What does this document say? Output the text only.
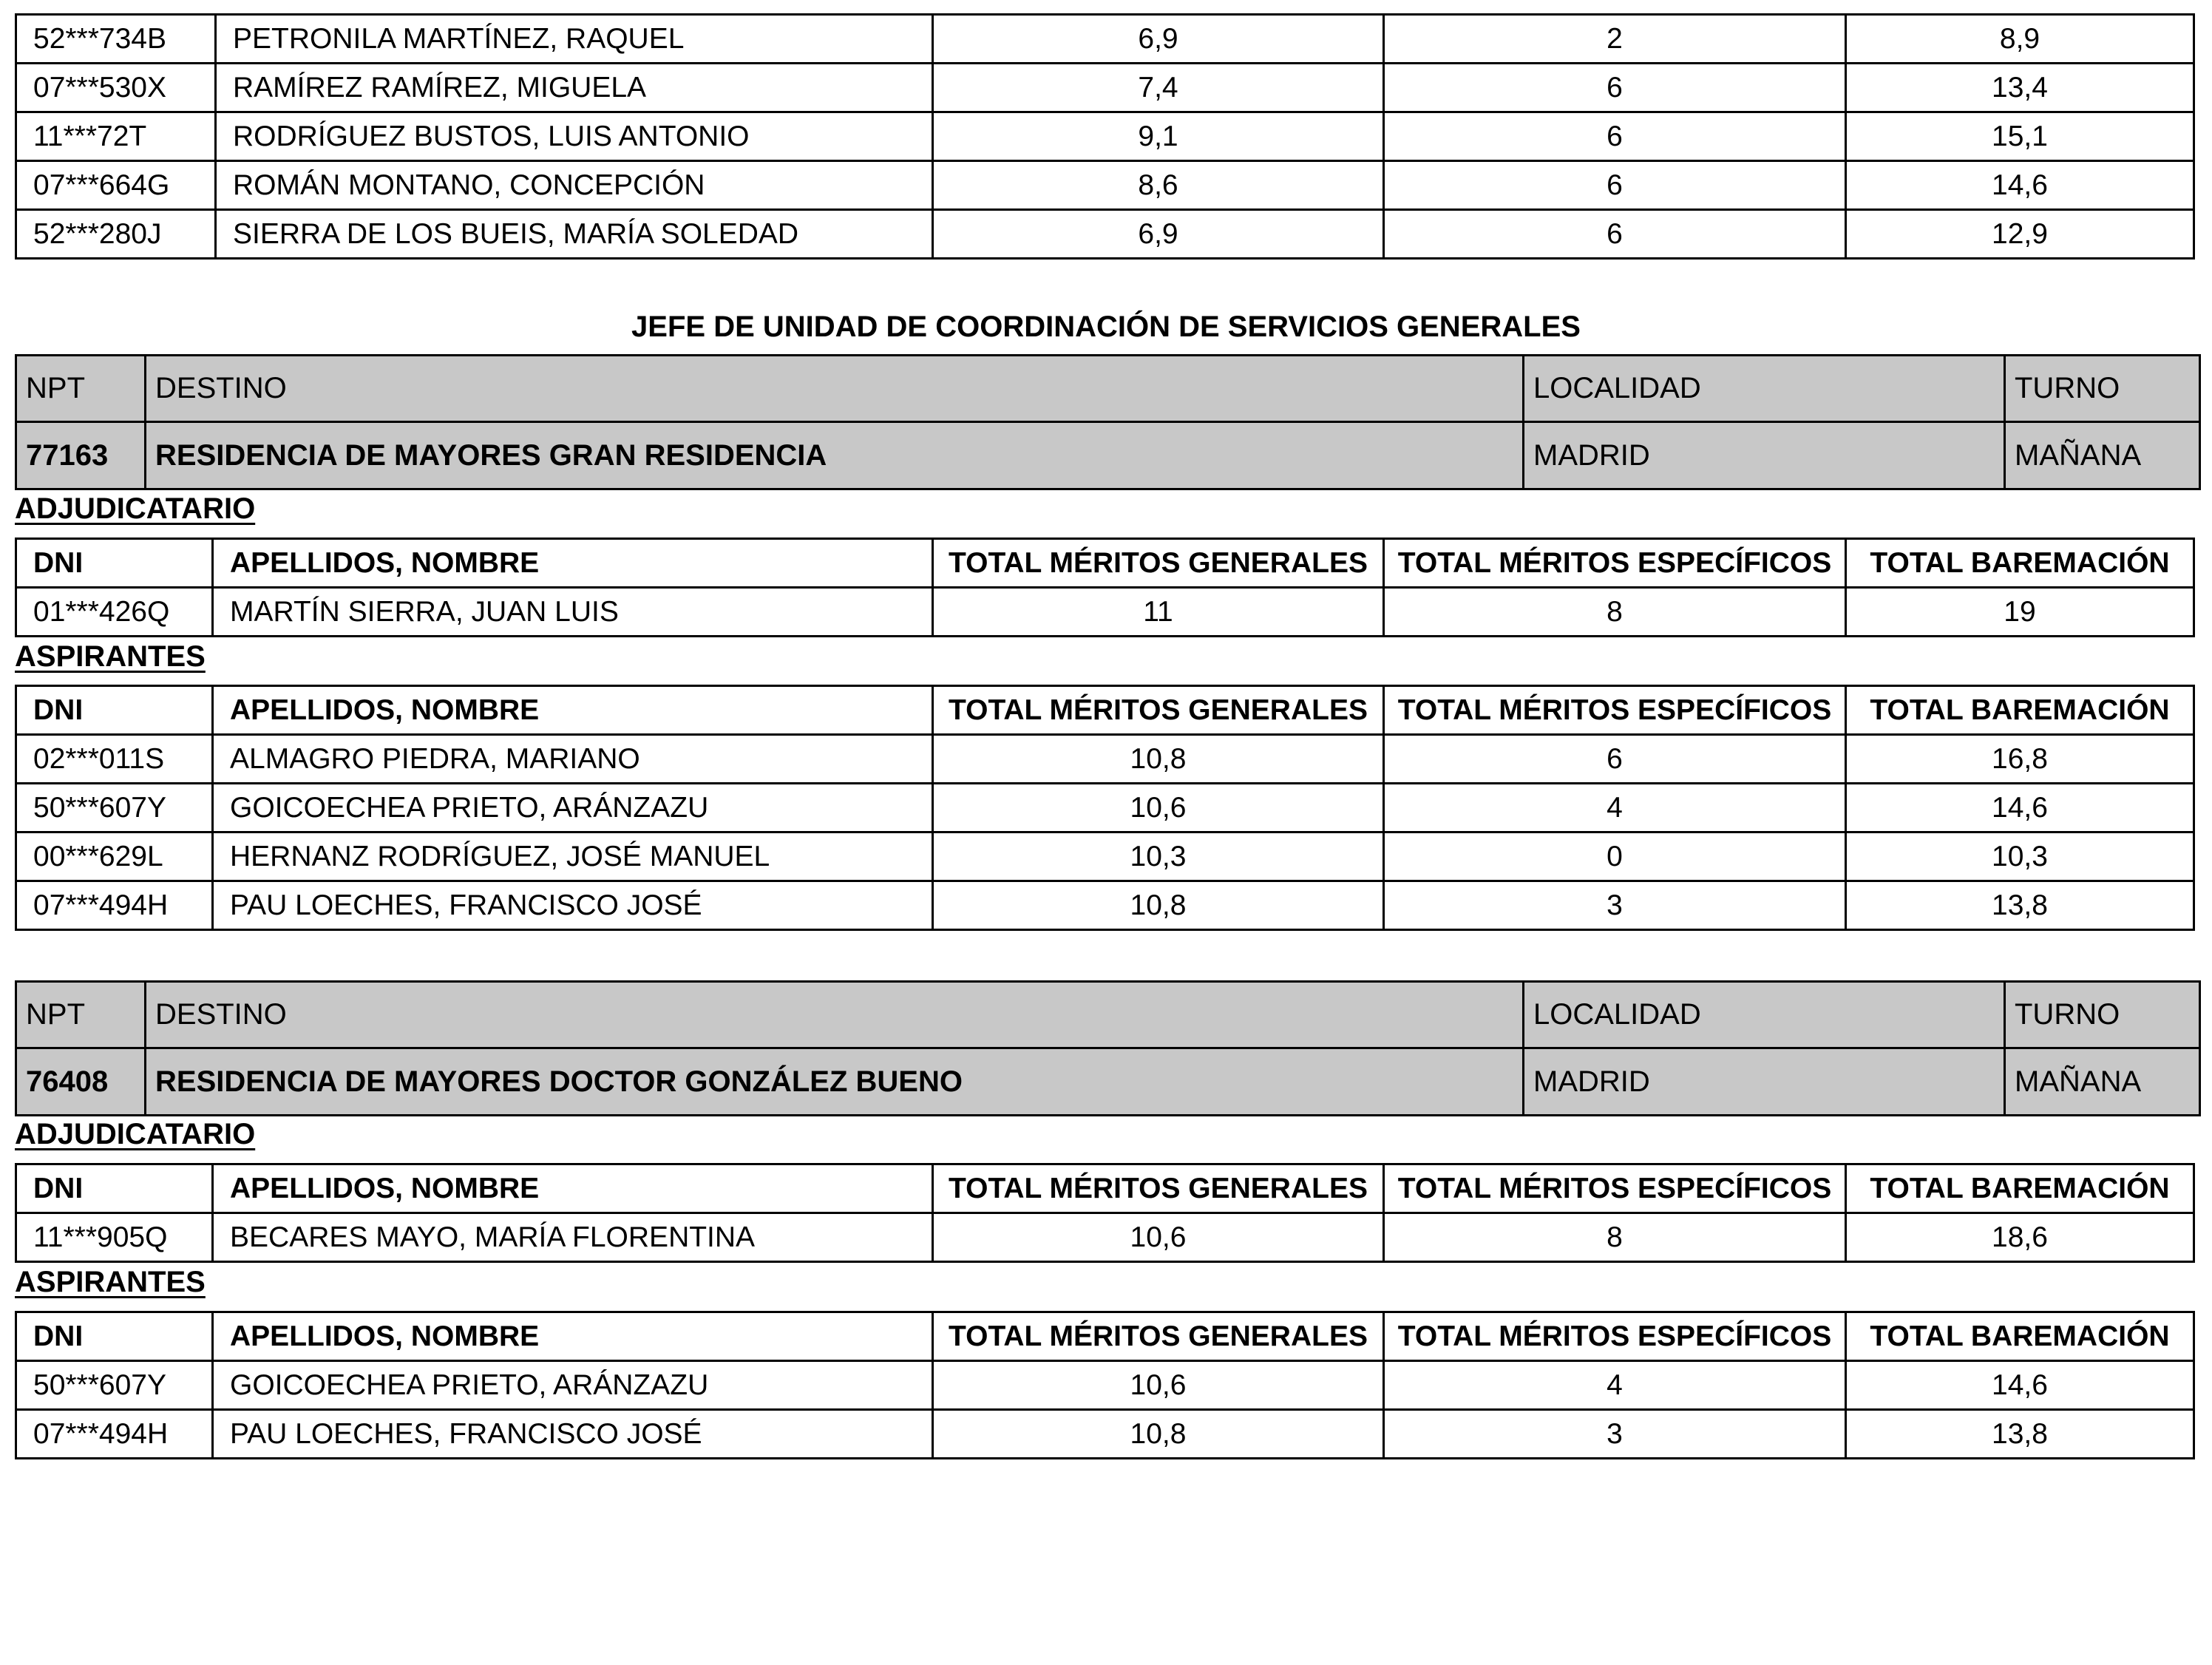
52***734B	PETRONILA MARTÍNEZ, RAQUEL	6,9	2	8,9
07***530X	RAMÍREZ RAMÍREZ, MIGUELA	7,4	6	13,4
11***72T	RODRÍGUEZ BUSTOS, LUIS ANTONIO	9,1	6	15,1
07***664G	ROMÁN MONTANO, CONCEPCIÓN	8,6	6	14,6
52***280J	SIERRA DE LOS BUEIS, MARÍA SOLEDAD	6,9	6	12,9
JEFE DE UNIDAD DE COORDINACIÓN DE SERVICIOS GENERALES
NPT	DESTINO	LOCALIDAD	TURNO
77163	RESIDENCIA DE MAYORES GRAN RESIDENCIA	MADRID	MAÑANA
ADJUDICATARIO
DNI	APELLIDOS, NOMBRE	TOTAL MÉRITOS GENERALES	TOTAL MÉRITOS ESPECÍFICOS	TOTAL BAREMACIÓN
01***426Q	MARTÍN SIERRA, JUAN LUIS	11	8	19
ASPIRANTES
DNI	APELLIDOS, NOMBRE	TOTAL MÉRITOS GENERALES	TOTAL MÉRITOS ESPECÍFICOS	TOTAL BAREMACIÓN
02***011S	ALMAGRO PIEDRA, MARIANO	10,8	6	16,8
50***607Y	GOICOECHEA PRIETO, ARÁNZAZU	10,6	4	14,6
00***629L	HERNANZ RODRÍGUEZ, JOSÉ MANUEL	10,3	0	10,3
07***494H	PAU LOECHES, FRANCISCO JOSÉ	10,8	3	13,8
NPT	DESTINO	LOCALIDAD	TURNO
76408	RESIDENCIA DE MAYORES DOCTOR GONZÁLEZ BUENO	MADRID	MAÑANA
ADJUDICATARIO
DNI	APELLIDOS, NOMBRE	TOTAL MÉRITOS GENERALES	TOTAL MÉRITOS ESPECÍFICOS	TOTAL BAREMACIÓN
11***905Q	BECARES MAYO, MARÍA FLORENTINA	10,6	8	18,6
ASPIRANTES
DNI	APELLIDOS, NOMBRE	TOTAL MÉRITOS GENERALES	TOTAL MÉRITOS ESPECÍFICOS	TOTAL BAREMACIÓN
50***607Y	GOICOECHEA PRIETO, ARÁNZAZU	10,6	4	14,6
07***494H	PAU LOECHES, FRANCISCO JOSÉ	10,8	3	13,8
